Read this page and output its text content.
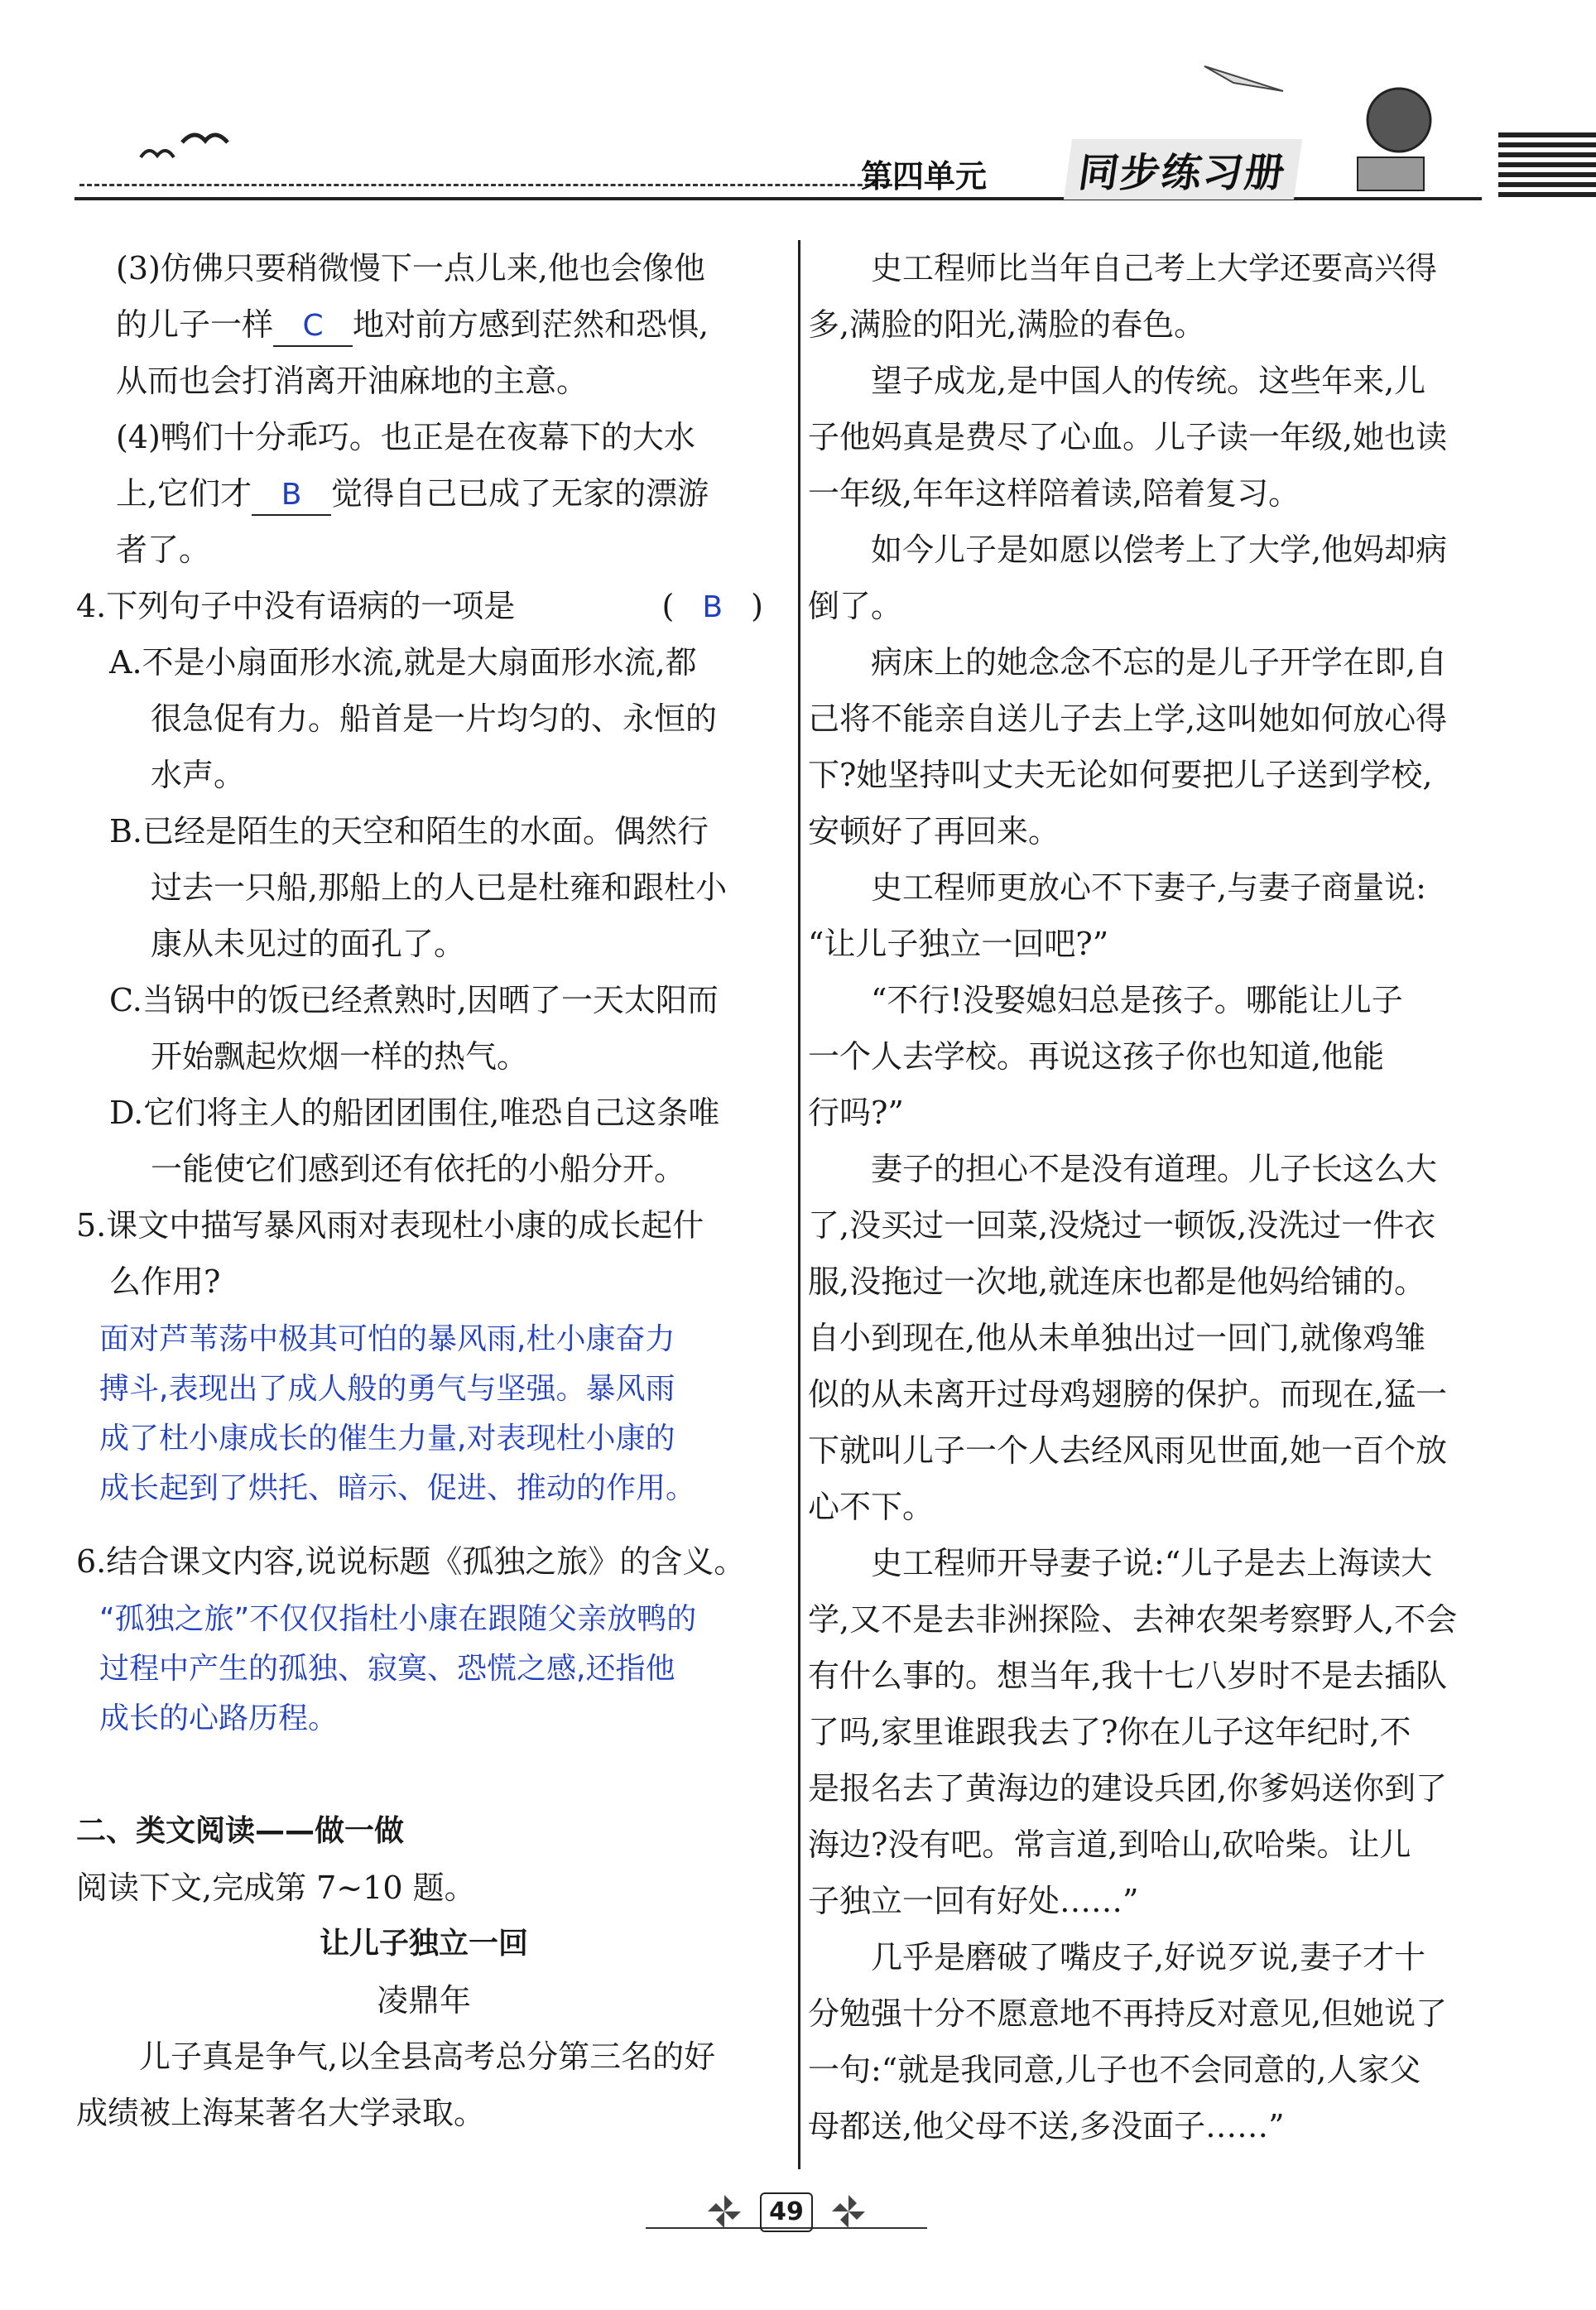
第四单元	同步练习册
(3)仿佛只要稍微慢下一点儿来,他也会像他
的儿子一样 C 地对前方感到茫然和恐惧,
从而也会打消离开油麻地的主意。
(4)鸭们十分乖巧。也正是在夜幕下的大水
上,它们才 B 觉得自己已成了无家的漂游
者了。
4.下列句子中没有语病的一项是	( B )
A.不是小扇面形水流,就是大扇面形水流,都
很急促有力。船首是一片均匀的、永恒的
水声。
B.已经是陌生的天空和陌生的水面。偶然行
过去一只船,那船上的人已是杜雍和跟杜小
康从未见过的面孔了。
C.当锅中的饭已经煮熟时,因晒了一天太阳而
开始飘起炊烟一样的热气。
D.它们将主人的船团团围住,唯恐自己这条唯
一能使它们感到还有依托的小船分开。
5.课文中描写暴风雨对表现杜小康的成长起什
么作用?
面对芦苇荡中极其可怕的暴风雨,杜小康奋力
搏斗,表现出了成人般的勇气与坚强。暴风雨
成了杜小康成长的催生力量,对表现杜小康的
成长起到了烘托、暗示、促进、推动的作用。
6.结合课文内容,说说标题《孤独之旅》的含义。
“孤独之旅”不仅仅指杜小康在跟随父亲放鸭的
过程中产生的孤独、寂寞、恐慌之感,还指他
成长的心路历程。
二、类文阅读——做一做
阅读下文,完成第 7~10 题。
让儿子独立一回
凌鼎年
儿子真是争气,以全县高考总分第三名的好
成绩被上海某著名大学录取。
史工程师比当年自己考上大学还要高兴得
多,满脸的阳光,满脸的春色。
望子成龙,是中国人的传统。这些年来,儿
子他妈真是费尽了心血。儿子读一年级,她也读
一年级,年年这样陪着读,陪着复习。
如今儿子是如愿以偿考上了大学,他妈却病
倒了。
病床上的她念念不忘的是儿子开学在即,自
己将不能亲自送儿子去上学,这叫她如何放心得
下?她坚持叫丈夫无论如何要把儿子送到学校,
安顿好了再回来。
史工程师更放心不下妻子,与妻子商量说:
“让儿子独立一回吧?”
“不行!没娶媳妇总是孩子。哪能让儿子
一个人去学校。再说这孩子你也知道,他能
行吗?”
妻子的担心不是没有道理。儿子长这么大
了,没买过一回菜,没烧过一顿饭,没洗过一件衣
服,没拖过一次地,就连床也都是他妈给铺的。
自小到现在,他从未单独出过一回门,就像鸡雏
似的从未离开过母鸡翅膀的保护。而现在,猛一
下就叫儿子一个人去经风雨见世面,她一百个放
心不下。
史工程师开导妻子说:“儿子是去上海读大
学,又不是去非洲探险、去神农架考察野人,不会
有什么事的。想当年,我十七八岁时不是去插队
了吗,家里谁跟我去了?你在儿子这年纪时,不
是报名去了黄海边的建设兵团,你爹妈送你到了
海边?没有吧。常言道,到哈山,砍哈柴。让儿
子独立一回有好处……”
几乎是磨破了嘴皮子,好说歹说,妻子才十
分勉强十分不愿意地不再持反对意见,但她说了
一句:“就是我同意,儿子也不会同意的,人家父
母都送,他父母不送,多没面子……”
49
